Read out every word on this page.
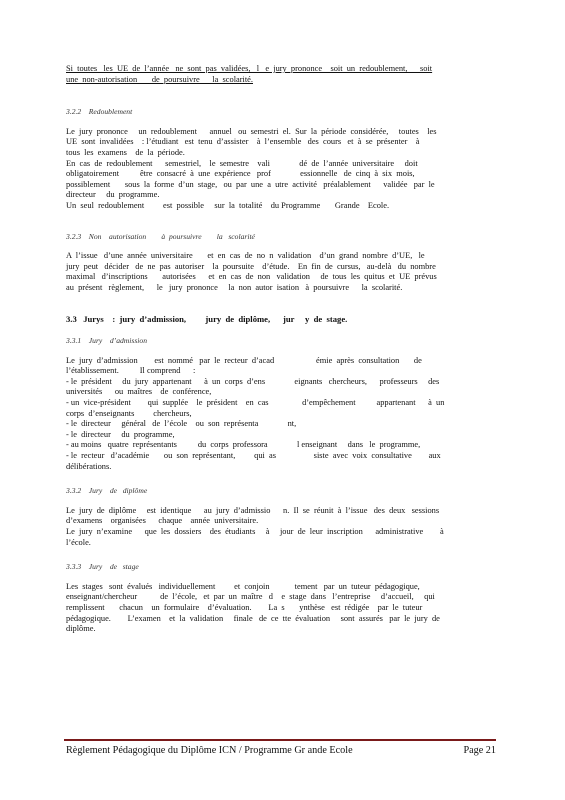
Si  toutes   les  UE  de  l’année   ne  sont  pas  validées,   l   e  jury  prononce    soit  un  redoublement,      soit

une  non-autorisation       de  poursuivre      la  scolarité.

3.2.2    Redoublement

Le  jury  prononce     un  redoublement      annuel   ou  semestri  el.  Sur  la  période  considérée,     toutes    les

UE  sont  invalidées    : l’étudiant   est  tenu  d’assister    à  l’ensemble   des  cours   et  à  se  présenter    à

tous  les  examens    de  la  période.

En  cas  de  redoublement      semestriel,    le  semestre    vali              dé  de  l’année  universitaire     doit

obligatoirement          être  consacré  à  une  expérience   prof              essionnelle   de  cinq  à  six  mois,

possiblement       sous  la  forme  d’un  stage,   ou  par  une  a  utre  activité   préalablement      validée   par  le

directeur     du  programme.

Un  seul  redoublement         est  possible     sur  la  totalité    du Programme       Grande    Ecole.

3.2.3    Non    autorisation        à  poursuivre        la   scolarité

A  l’issue   d’une  année  universitaire       et  en  cas  de  no  n  validation    d’un  grand  nombre  d’UE,   le

jury  peut   décider   de  ne  pas  autoriser    la  poursuite    d’étude.    En  fin  de  cursus,   au-delà   du  nombre

maximal   d’inscriptions       autorisées      et  en  cas  de  non   validation     de  tous  les  quitus  et  UE  prévus

au  présent   règlement,      le   jury  prononce     la  non  autor  isation   à  poursuivre      la  scolarité.

3.3   Jurys    :  jury  d’admission,         jury  de  diplôme,      jur     y  de  stage.

3.3.1    Jury    d’admission

Le  jury  d’admission        est  nommé   par  le  recteur  d’acad                    émie  après  consultation       de

l’établissement.          Il comprend      :

- le  président     du  jury  appartenant      à  un  corps  d’ens              eignants   chercheurs,      professeurs     des

universités      ou  maîtres    de  conférence,

- un  vice-président        qui  supplée    le  président    en  cas                d’empêchement          appartenant      à  un

corps  d’enseignants         chercheurs,

- le  directeur     général   de  l’école    ou  son  représenta              nt,

- le  directeur     du  programme,

- au moins   quatre  représentants          du  corps  professora              l enseignant     dans   le  programme,

- le  recteur   d’académie       ou  son  représentant,         qui  as                  siste  avec  voix  consultative        aux

délibérations.

3.3.2    Jury    de   diplôme

Le  jury  de  diplôme     est  identique      au  jury  d’admissio      n.  Il  se  réunit  à  l’issue   des  deux   sessions

d’examens    organisées      chaque    année  universitaire.

Le  jury  n’examine      que  les  dossiers    des  étudiants     à     jour  de  leur  inscription      administrative        à

l’école.

3.3.3    Jury    de   stage

Les  stages   sont  évalués   individuellement         et  conjoin            tement   par  un  tuteur  pédagogique,

enseignant/chercheur           de  l’école,   et  par  un  maître   d    e  stage  dans   l’entreprise     d’accueil,     qui

remplissent       chacun    un  formulaire    d’évaluation.        La  s       ynthèse   est  rédigée    par  le  tuteur

pédagogique.        L’examen    et  la  validation     finale   de  ce  tte  évaluation     sont  assurés   par  le  jury  de

diplôme.

Règlement Pédagogique du Diplôme ICN / Programme Gr ande Ecole	Page 21
